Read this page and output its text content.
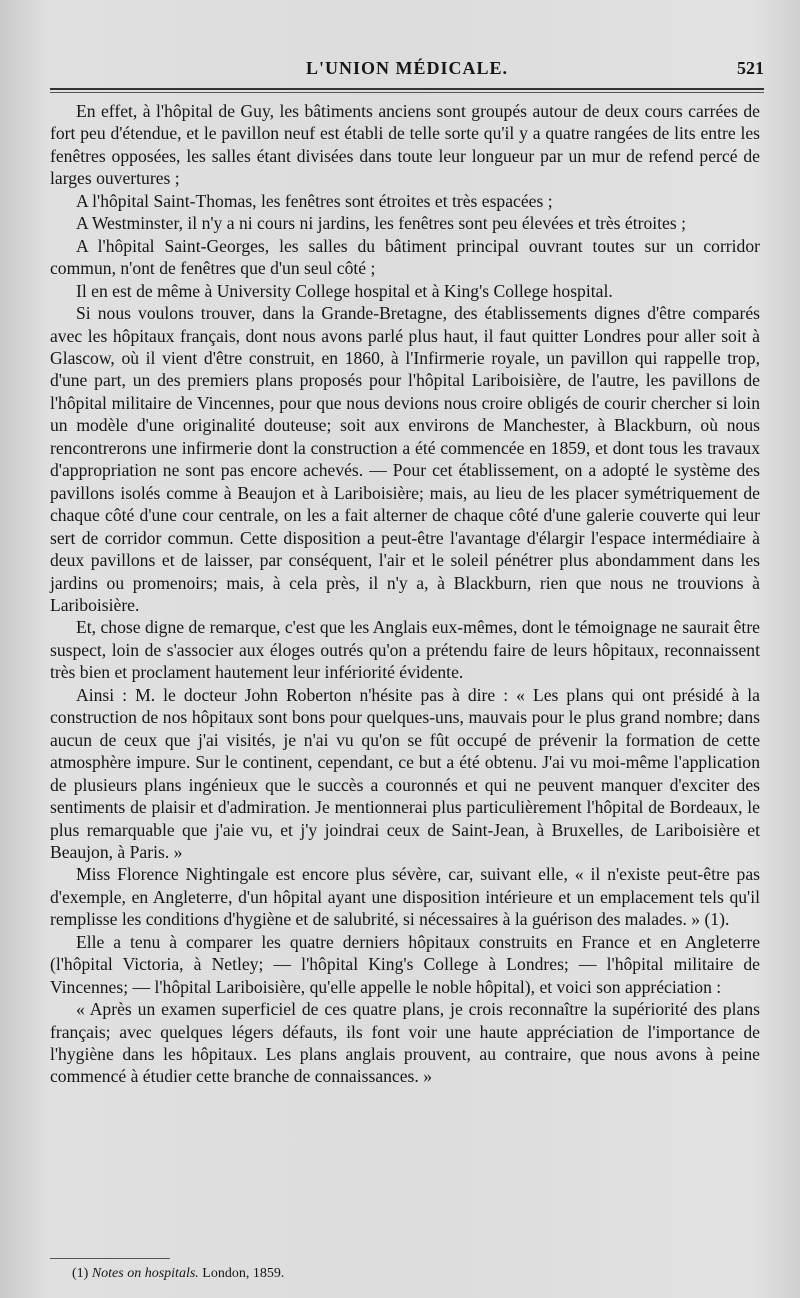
L'UNION MÉDICALE.	521

En effet, à l'hôpital de Guy, les bâtiments anciens sont groupés autour de deux cours carrées de fort peu d'étendue, et le pavillon neuf est établi de telle sorte qu'il y a quatre rangées de lits entre les fenêtres opposées, les salles étant divisées dans toute leur longueur par un mur de refend percé de larges ouvertures ;

A l'hôpital Saint-Thomas, les fenêtres sont étroites et très espacées ;

A Westminster, il n'y a ni cours ni jardins, les fenêtres sont peu élevées et très étroites ;

A l'hôpital Saint-Georges, les salles du bâtiment principal ouvrant toutes sur un corridor commun, n'ont de fenêtres que d'un seul côté ;

Il en est de même à University College hospital et à King's College hospital.

Si nous voulons trouver, dans la Grande-Bretagne, des établissements dignes d'être comparés avec les hôpitaux français, dont nous avons parlé plus haut, il faut quitter Londres pour aller soit à Glascow, où il vient d'être construit, en 1860, à l'Infirmerie royale, un pavillon qui rappelle trop, d'une part, un des premiers plans proposés pour l'hôpital Lariboisière, de l'autre, les pavillons de l'hôpital militaire de Vincennes, pour que nous devions nous croire obligés de courir chercher si loin un modèle d'une originalité douteuse; soit aux environs de Manchester, à Blackburn, où nous rencontrerons une infirmerie dont la construction a été commencée en 1859, et dont tous les travaux d'appropriation ne sont pas encore achevés. — Pour cet établissement, on a adopté le système des pavillons isolés comme à Beaujon et à Lariboisière; mais, au lieu de les placer symétriquement de chaque côté d'une cour centrale, on les a fait alterner de chaque côté d'une galerie couverte qui leur sert de corridor commun. Cette disposition a peut-être l'avantage d'élargir l'espace intermédiaire à deux pavillons et de laisser, par conséquent, l'air et le soleil pénétrer plus abondamment dans les jardins ou promenoirs; mais, à cela près, il n'y a, à Blackburn, rien que nous ne trouvions à Lariboisière.

Et, chose digne de remarque, c'est que les Anglais eux-mêmes, dont le témoignage ne saurait être suspect, loin de s'associer aux éloges outrés qu'on a prétendu faire de leurs hôpitaux, reconnaissent très bien et proclament hautement leur infériorité évidente.

Ainsi : M. le docteur John Roberton n'hésite pas à dire : « Les plans qui ont présidé à la construction de nos hôpitaux sont bons pour quelques-uns, mauvais pour le plus grand nombre; dans aucun de ceux que j'ai visités, je n'ai vu qu'on se fût occupé de prévenir la formation de cette atmosphère impure. Sur le continent, cependant, ce but a été obtenu. J'ai vu moi-même l'application de plusieurs plans ingénieux que le succès a couronnés et qui ne peuvent manquer d'exciter des sentiments de plaisir et d'admiration. Je mentionnerai plus particulièrement l'hôpital de Bordeaux, le plus remarquable que j'aie vu, et j'y joindrai ceux de Saint-Jean, à Bruxelles, de Lariboisière et Beaujon, à Paris. »

Miss Florence Nightingale est encore plus sévère, car, suivant elle, « il n'existe peut-être pas d'exemple, en Angleterre, d'un hôpital ayant une disposition intérieure et un emplacement tels qu'il remplisse les conditions d'hygiène et de salubrité, si nécessaires à la guérison des malades. » (1).

Elle a tenu à comparer les quatre derniers hôpitaux construits en France et en Angleterre (l'hôpital Victoria, à Netley; — l'hôpital King's College à Londres; — l'hôpital militaire de Vincennes; — l'hôpital Lariboisière, qu'elle appelle le noble hôpital), et voici son appréciation :

« Après un examen superficiel de ces quatre plans, je crois reconnaître la supériorité des plans français; avec quelques légers défauts, ils font voir une haute appréciation de l'importance de l'hygiène dans les hôpitaux. Les plans anglais prouvent, au contraire, que nous avons à peine commencé à étudier cette branche de connaissances. »

(1) Notes on hospitals. London, 1859.
